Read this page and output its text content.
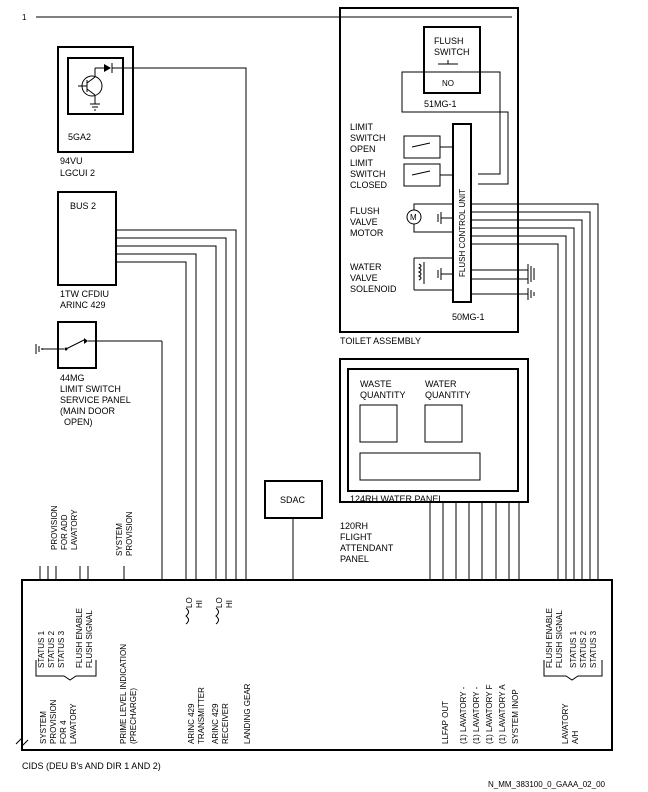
1
5GA2
94VU
LGCUI 2
BUS 2
1TW CFDIU
ARINC 429
44MG
LIMIT SWITCH
SERVICE PANEL
(MAIN DOOR
OPEN)
TOILET ASSEMBLY
FLUSH
SWITCH
NO
51MG-1
FLUSH CONTROL UNIT
50MG-1
LIMIT
SWITCH
OPEN
LIMIT
SWITCH
CLOSED
FLUSH
VALVE
MOTOR
M
WATER
VALVE
SOLENOID
WASTE
QUANTITY
WATER
QUANTITY
124RH WATER PANEL
120RH
FLIGHT
ATTENDANT
PANEL
SDAC
PROVISION FOR ADD LAVATORY	SYSTEM PROVISION
STATUS 1 STATUS 2 STATUS 3 FLUSH ENABLE FLUSH SIGNAL
SYSTEM PROVISION FOR 4 LAVATORY	PRIME LEVEL INDICATION (PRECHARGE)
LO HI LO HI
ARINC 429 TRANSMITTER ARINC 429 RECEIVER LANDING GEAR	LLFAP OUT (1) LAVATORY - (1) LAVATORY - (1) LAVATORY F (1) LAVATORY A SYSTEM INOP
FLUSH ENABLE FLUSH SIGNAL STATUS 1 STATUS 2 STATUS 3
LAVATORY A/H
CIDS (DEU B's AND DIR 1 AND 2)
N_MM_383100_0_GAAA_02_00
